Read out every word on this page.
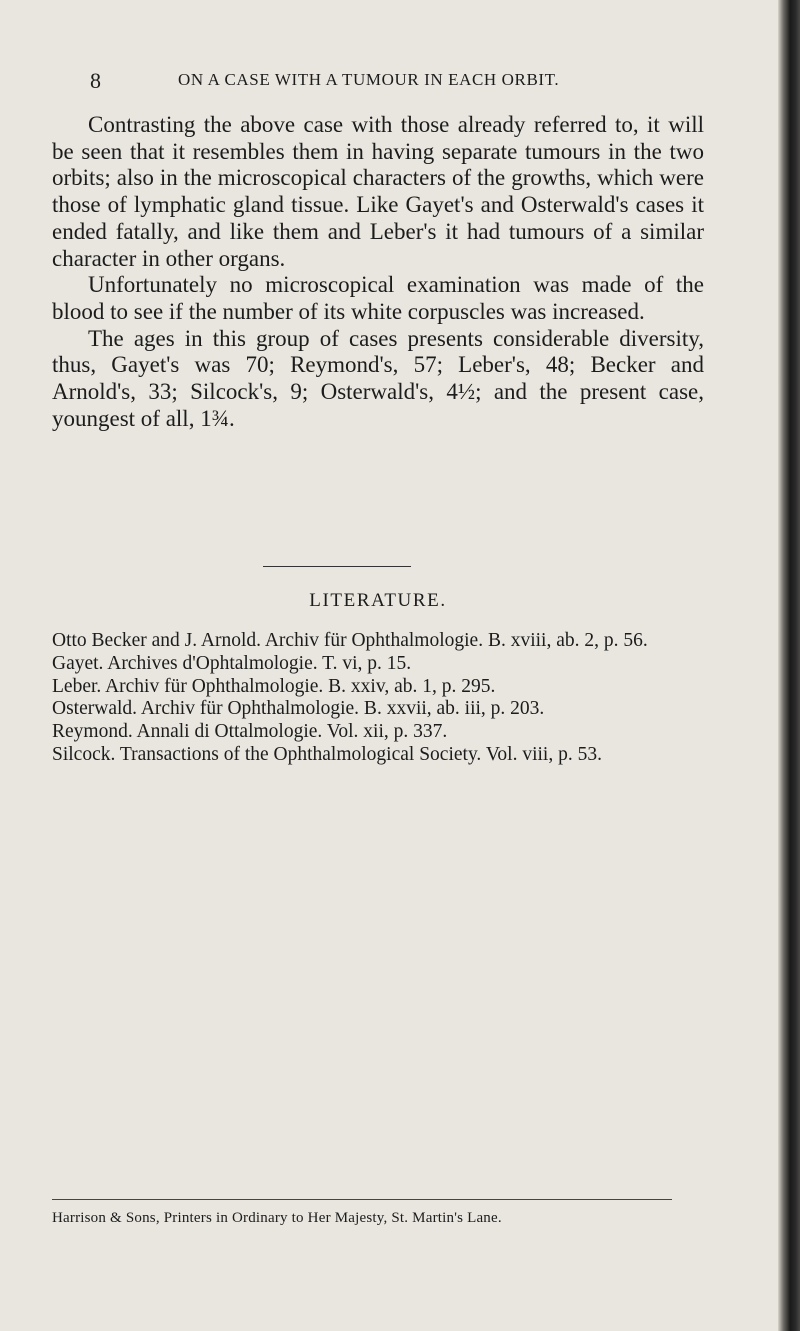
8	ON A CASE WITH A TUMOUR IN EACH ORBIT.

Contrasting the above case with those already referred to, it will be seen that it resembles them in having separate tumours in the two orbits; also in the microscopical characters of the growths, which were those of lymphatic gland tissue. Like Gayet's and Osterwald's cases it ended fatally, and like them and Leber's it had tumours of a similar character in other organs.

Unfortunately no microscopical examination was made of the blood to see if the number of its white corpuscles was increased.

The ages in this group of cases presents considerable diversity, thus, Gayet's was 70; Reymond's, 57; Leber's, 48; Becker and Arnold's, 33; Silcock's, 9; Osterwald's, 4½; and the present case, youngest of all, 1¾.

LITERATURE.
Otto Becker and J. Arnold. Archiv für Ophthalmologie. B. xviii, ab. 2, p. 56.
Gayet. Archives d'Ophtalmologie. T. vi, p. 15.
Leber. Archiv für Ophthalmologie. B. xxiv, ab. 1, p. 295.
Osterwald. Archiv für Ophthalmologie. B. xxvii, ab. iii, p. 203.
Reymond. Annali di Ottalmologie. Vol. xii, p. 337.
Silcock. Transactions of the Ophthalmological Society. Vol. viii, p. 53.
Harrison & Sons, Printers in Ordinary to Her Majesty, St. Martin's Lane.
